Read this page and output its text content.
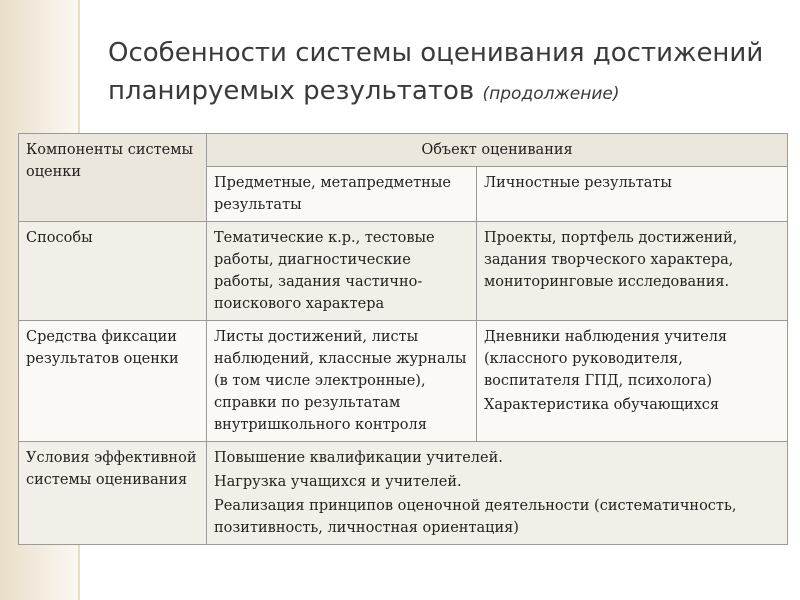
Особенности системы оценивания достижений
планируемых результатов (продолжение)
Компоненты системы оценки	Объект оценивания	
	Предметные, метапредметные результаты	Личностные результаты
Способы	Тематические к.р., тестовые работы, диагностические работы, задания частично-поискового характера	Проекты, портфель достижений, задания творческого характера, мониторинговые исследования.

Средства фиксации результатов оценки	Листы достижений, листы наблюдений, классные журналы (в том числе электронные), справки по результатам внутришкольного контроля	Дневники наблюдения учителя (классного руководителя, воспитателя ГПД, психолога)
Характеристика обучающихся

Условия эффективной системы оценивания	Повышение квалификации учителей.
Нагрузка учащихся и учителей.
Реализация принципов оценочной деятельности (систематичность, позитивность, личностная ориентация)	
